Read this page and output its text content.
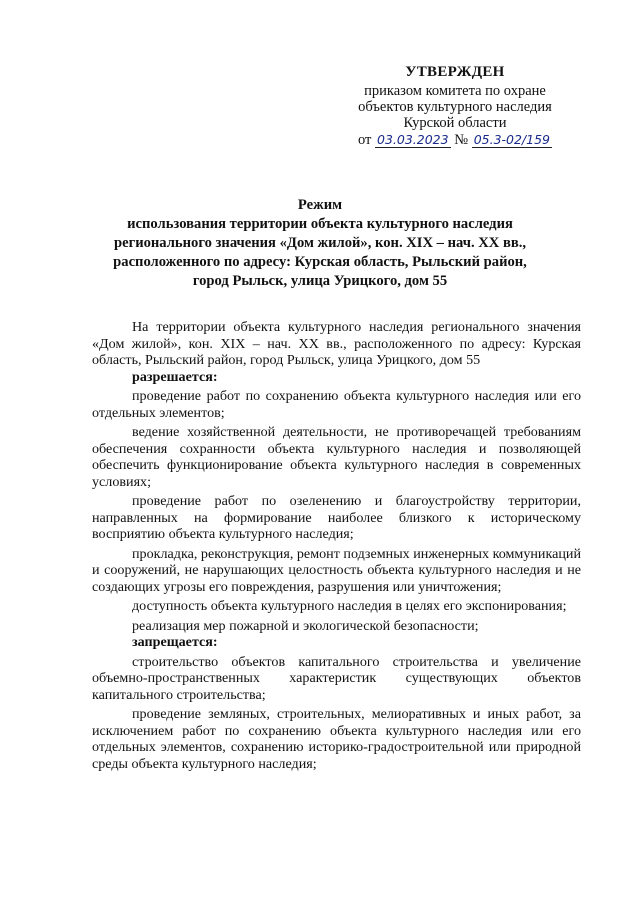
УТВЕРЖДЕН
приказом комитета по охране
объектов культурного наследия
Курской области
от 03.03.2023 № 05.3-02/159
Режим
использования территории объекта культурного наследия
регионального значения «Дом жилой», кон. XIX – нач. XX вв.,
расположенного по адресу: Курская область, Рыльский район,
город Рыльск, улица Урицкого, дом 55

На территории объекта культурного наследия регионального значения «Дом жилой», кон. XIX – нач. XX вв., расположенного по адресу: Курская область, Рыльский район, город Рыльск, улица Урицкого, дом 55

разрешается:

проведение работ по сохранению объекта культурного наследия или его отдельных элементов;

ведение хозяйственной деятельности, не противоречащей требованиям обеспечения сохранности объекта культурного наследия и позволяющей обеспечить функционирование объекта культурного наследия в современных условиях;

проведение работ по озеленению и благоустройству территории, направленных на формирование наиболее близкого к историческому восприятию объекта культурного наследия;

прокладка, реконструкция, ремонт подземных инженерных коммуникаций и сооружений, не нарушающих целостность объекта культурного наследия и не создающих угрозы его повреждения, разрушения или уничтожения;

доступность объекта культурного наследия в целях его экспонирования;

реализация мер пожарной и экологической безопасности;

запрещается:

строительство объектов капитального строительства и увеличение объемно-пространственных характеристик существующих объектов капитального строительства;

проведение земляных, строительных, мелиоративных и иных работ, за исключением работ по сохранению объекта культурного наследия или его отдельных элементов, сохранению историко-градостроительной или природной среды объекта культурного наследия;
